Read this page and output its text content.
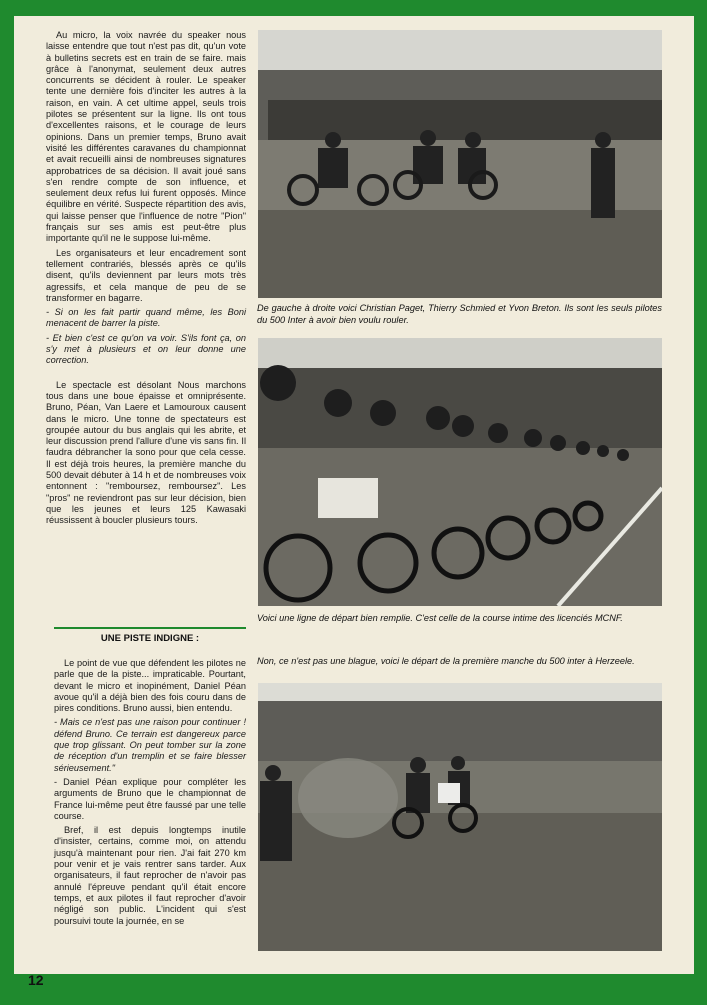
Au micro, la voix navrée du speaker nous laisse entendre que tout n'est pas dit, qu'un vote à bulletins secrets est en train de se faire. mais grâce à l'anonymat, seulement deux autres concurrents se décident à rouler. Le speaker tente une dernière fois d'inciter les autres à la raison, en vain. A cet ultime appel, seuls trois pilotes se présentent sur la ligne. Ils ont tous d'excellentes raisons, et le courage de leurs opinions. Dans un premier temps, Bruno avait visité les différentes caravanes du championnat et avait recueilli ainsi de nombreuses signatures approbatrices de sa décision. Il avait joué sans s'en rendre compte de son influence, et seulement deux refus lui furent opposés. Mince équilibre en vérité. Suspecte répartition des avis, qui laisse penser que l'influence de notre "Pion" français sur ses amis est peut-être plus importante qu'il ne le suppose lui-même.

Les organisateurs et leur encadrement sont tellement contrariés, blessés après ce qu'ils disent, qu'ils deviennent par leurs mots très agressifs, et cela manque de peu de se transformer en bagarre.

- Si on les fait partir quand même, les Boni menacent de barrer la piste.

- Et bien c'est ce qu'on va voir. S'ils font ça, on s'y met à plusieurs et on leur donne une correction.

Le spectacle est désolant Nous marchons tous dans une boue épaisse et omniprésente. Bruno, Péan, Van Laere et Lamouroux causent dans le micro. Une tonne de spectateurs est groupée autour du bus anglais qui les abrite, et leur discussion prend l'allure d'une vis sans fin. Il faudra débrancher la sono pour que cela cesse. Il est déjà trois heures, la première manche du 500 devait débuter à 14 h et de nombreuses voix entonnent : "remboursez, remboursez". Les "pros" ne reviendront pas sur leur décision, bien que les jeunes et leurs 125 Kawasaki réussissent à boucler plusieurs tours.

UNE PISTE INDIGNE :

Le point de vue que défendent les pilotes ne parle que de la piste... impraticable. Pourtant, devant le micro et inopinément, Daniel Péan avoue qu'il a déjà bien des fois couru dans de pires conditions. Bruno aussi, bien entendu.

- Mais ce n'est pas une raison pour continuer ! défend Bruno. Ce terrain est dangereux parce que trop glissant. On peut tomber sur la zone de réception d'un tremplin et se faire blesser sérieusement."

- Daniel Péan explique pour compléter les arguments de Bruno que le championnat de France lui-même peut être faussé par une telle course.

Bref, il est depuis longtemps inutile d'insister, certains, comme moi, on attendu jusqu'à maintenant pour rien. J'ai fait 270 km pour venir et je vais rentrer sans tarder. Aux organisateurs, il faut reprocher de n'avoir pas annulé l'épreuve pendant qu'il était encore temps, et aux pilotes il faut reprocher d'avoir négligé son public. L'incident qui s'est poursuivi toute la journée, en se

De gauche à droite voici Christian Paget, Thierry Schmied et Yvon Breton. Ils sont les seuls pilotes du 500 Inter à avoir bien voulu rouler.
Voici une ligne de départ bien remplie. C'est celle de la course intime des licenciés MCNF.
Non, ce n'est pas une blague, voici le départ de la première manche du 500 inter à Herzeele.
12
